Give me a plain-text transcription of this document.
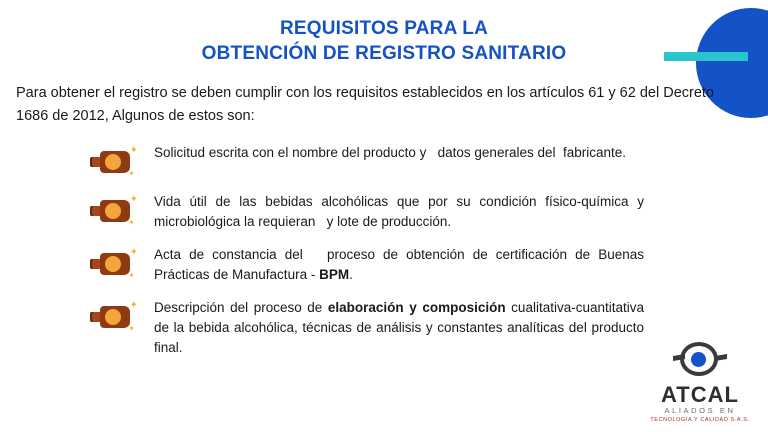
REQUISITOS PARA LA
OBTENCIÓN DE REGISTRO SANITARIO
Para obtener el registro se deben cumplir con los requisitos establecidos en los artículos 61 y 62 del Decreto 1686 de 2012, Algunos de estos son:
✦
✦
Solicitud escrita con el nombre del producto y   datos generales del  fabricante.
✦
✦
Vida útil de las bebidas alcohólicas que por su condición físico-química y microbiológica la requieran   y lote de producción.
✦
✦
Acta de constancia del   proceso de obtención de certificación de Buenas Prácticas de Manufactura - BPM.
✦
✦
Descripción del proceso de elaboración y composición cualitativa-cuantitativa de la bebida alcohólica, técnicas de análisis y constantes analíticas del producto final.
ATCAL
ALIADOS EN
TECNOLOGÍA Y CALIDAD S.A.S.
